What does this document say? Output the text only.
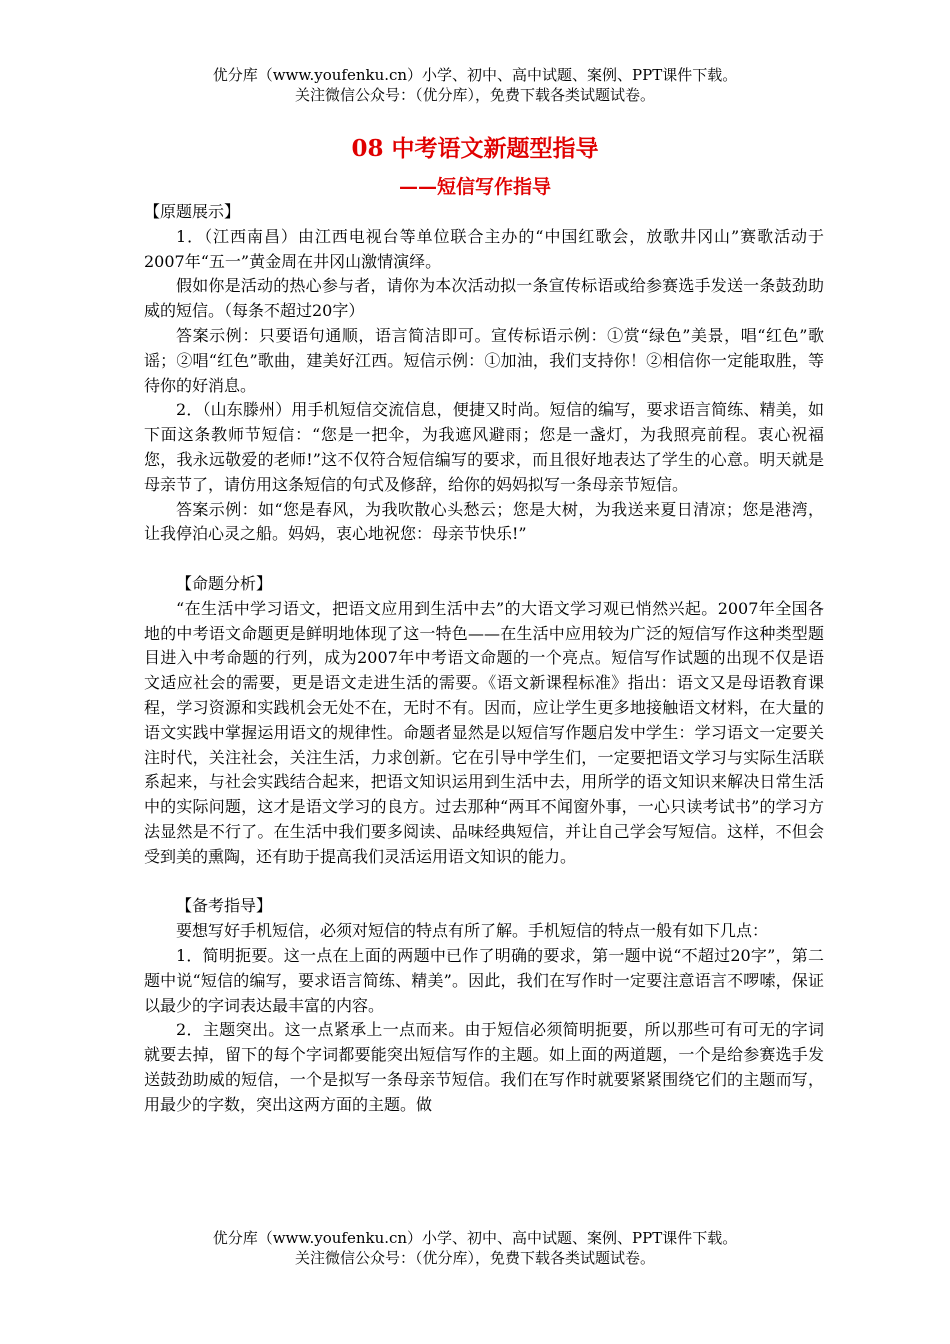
优分库（www.youfenku.cn）小学、初中、高中试题、案例、PPT课件下载。
关注微信公众号：（优分库），免费下载各类试题试卷。
08 中考语文新题型指导
——短信写作指导

【原题展示】

1．（江西南昌）由江西电视台等单位联合主办的“中国红歌会，放歌井冈山”赛歌活动于2007年“五一”黄金周在井冈山激情演绎。

假如你是活动的热心参与者，请你为本次活动拟一条宣传标语或给参赛选手发送一条鼓劲助威的短信。（每条不超过20字）

答案示例：只要语句通顺，语言简洁即可。宣传标语示例：①赏“绿色”美景，唱“红色”歌谣；②唱“红色”歌曲，建美好江西。短信示例：①加油，我们支持你！②相信你一定能取胜，等待你的好消息。

2．（山东滕州）用手机短信交流信息，便捷又时尚。短信的编写，要求语言简练、精美，如下面这条教师节短信：“您是一把伞，为我遮风避雨；您是一盏灯，为我照亮前程。衷心祝福您，我永远敬爱的老师!”这不仅符合短信编写的要求，而且很好地表达了学生的心意。明天就是母亲节了，请仿用这条短信的句式及修辞，给你的妈妈拟写一条母亲节短信。

答案示例：如“您是春风，为我吹散心头愁云；您是大树，为我送来夏日清凉；您是港湾，让我停泊心灵之船。妈妈，衷心地祝您：母亲节快乐!”

【命题分析】

“在生活中学习语文，把语文应用到生活中去”的大语文学习观已悄然兴起。2007年全国各地的中考语文命题更是鲜明地体现了这一特色——在生活中应用较为广泛的短信写作这种类型题目进入中考命题的行列，成为2007年中考语文命题的一个亮点。短信写作试题的出现不仅是语文适应社会的需要，更是语文走进生活的需要。《语文新课程标准》指出：语文又是母语教育课程，学习资源和实践机会无处不在，无时不有。因而，应让学生更多地接触语文材料，在大量的语文实践中掌握运用语文的规律性。命题者显然是以短信写作题启发中学生：学习语文一定要关注时代，关注社会，关注生活，力求创新。它在引导中学生们，一定要把语文学习与实际生活联系起来，与社会实践结合起来，把语文知识运用到生活中去，用所学的语文知识来解决日常生活中的实际问题，这才是语文学习的良方。过去那种“两耳不闻窗外事，一心只读考试书”的学习方法显然是不行了。在生活中我们要多阅读、品味经典短信，并让自己学会写短信。这样，不但会受到美的熏陶，还有助于提高我们灵活运用语文知识的能力。

【备考指导】

要想写好手机短信，必须对短信的特点有所了解。手机短信的特点一般有如下几点：

1．简明扼要。这一点在上面的两题中已作了明确的要求，第一题中说“不超过20字”，第二题中说“短信的编写，要求语言简练、精美”。因此，我们在写作时一定要注意语言不啰嗦，保证以最少的字词表达最丰富的内容。

2．主题突出。这一点紧承上一点而来。由于短信必须简明扼要，所以那些可有可无的字词就要去掉，留下的每个字词都要能突出短信写作的主题。如上面的两道题，一个是给参赛选手发送鼓劲助威的短信，一个是拟写一条母亲节短信。我们在写作时就要紧紧围绕它们的主题而写，用最少的字数，突出这两方面的主题。做

优分库（www.youfenku.cn）小学、初中、高中试题、案例、PPT课件下载。
关注微信公众号：（优分库），免费下载各类试题试卷。
